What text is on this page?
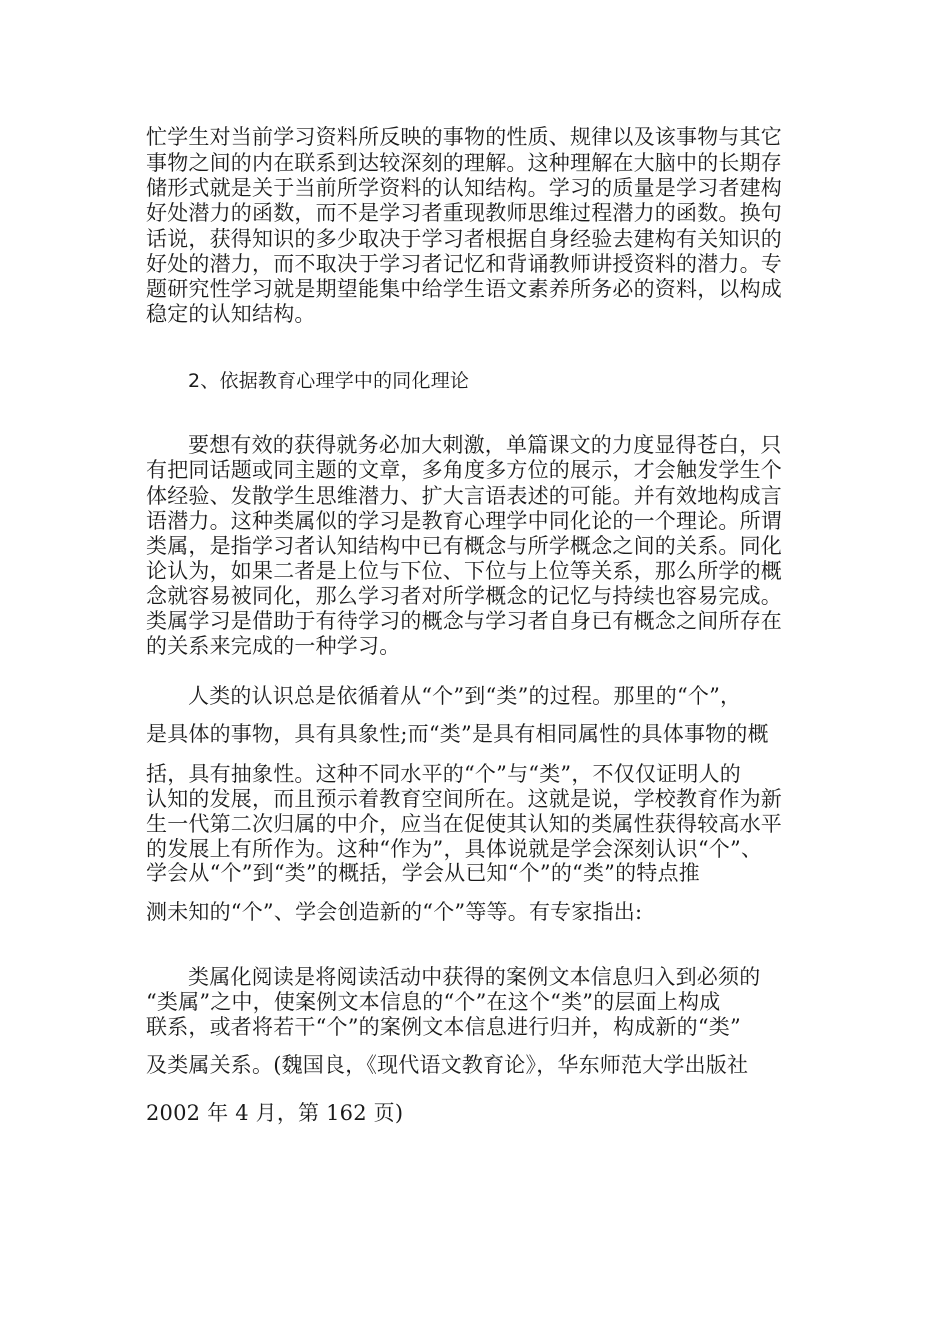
忙学生对当前学习资料所反映的事物的性质、规律以及该事物与其它
事物之间的内在联系到达较深刻的理解。这种理解在大脑中的长期存
储形式就是关于当前所学资料的认知结构。学习的质量是学习者建构
好处潜力的函数，而不是学习者重现教师思维过程潜力的函数。换句
话说，获得知识的多少取决于学习者根据自身经验去建构有关知识的
好处的潜力，而不取决于学习者记忆和背诵教师讲授资料的潜力。专
题研究性学习就是期望能集中给学生语文素养所务必的资料，以构成
稳定的认知结构。
2、依据教育心理学中的同化理论
要想有效的获得就务必加大刺激，单篇课文的力度显得苍白，只
有把同话题或同主题的文章，多角度多方位的展示，才会触发学生个
体经验、发散学生思维潜力、扩大言语表述的可能。并有效地构成言
语潜力。这种类属似的学习是教育心理学中同化论的一个理论。所谓
类属，是指学习者认知结构中已有概念与所学概念之间的关系。同化
论认为，如果二者是上位与下位、下位与上位等关系，那么所学的概
念就容易被同化，那么学习者对所学概念的记忆与持续也容易完成。
类属学习是借助于有待学习的概念与学习者自身已有概念之间所存在
的关系来完成的一种学习。
人类的认识总是依循着从“个”到“类”的过程。那里的“个”，
是具体的事物，具有具象性;而“类”是具有相同属性的具体事物的概
括，具有抽象性。这种不同水平的“个”与“类”，不仅仅证明人的
认知的发展，而且预示着教育空间所在。这就是说，学校教育作为新
生一代第二次归属的中介，应当在促使其认知的类属性获得较高水平
的发展上有所作为。这种“作为”，具体说就是学会深刻认识“个”、
学会从“个”到“类”的概括，学会从已知“个”的“类”的特点推
测未知的“个”、学会创造新的“个”等等。有专家指出:
类属化阅读是将阅读活动中获得的案例文本信息归入到必须的
“类属”之中，使案例文本信息的“个”在这个“类”的层面上构成
联系，或者将若干“个”的案例文本信息进行归并，构成新的“类”
及类属关系。(魏国良，《现代语文教育论》，华东师范大学出版社
2002 年 4 月，第 162 页)
